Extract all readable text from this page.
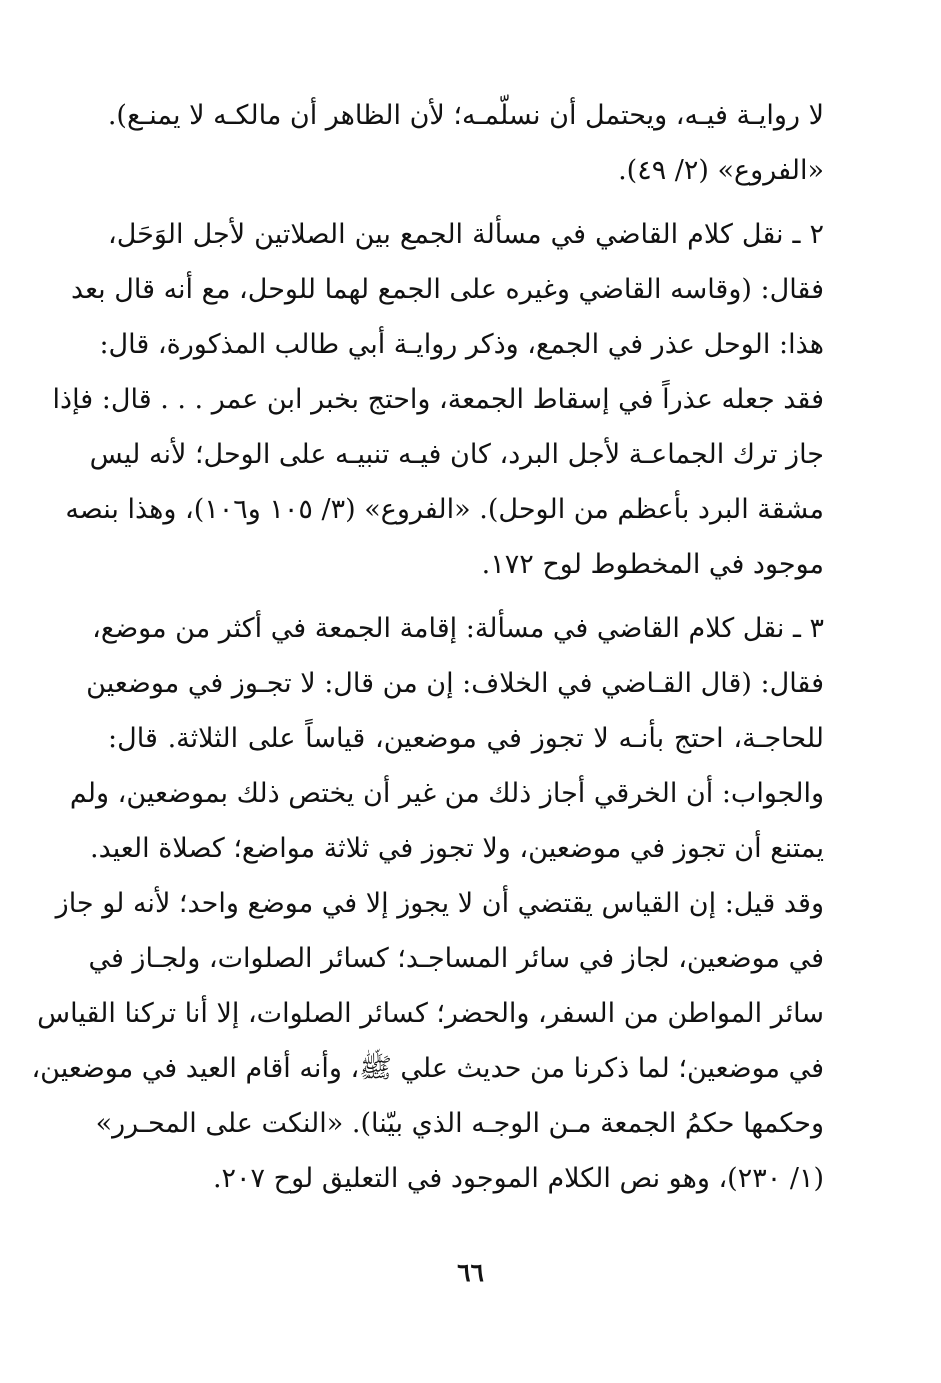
لا روايـة فيـه، ويحتمل أن نسلّمـه؛ لأن الظاهر أن مالكـه لا يمنـع).
«الفروع» (٢/ ٤٩).
٢ ـ نقل كلام القاضي في مسألة الجمع بين الصلاتين لأجل الوَحَل،
فقال: (وقاسه القاضي وغيره على الجمع لهما للوحل، مع أنه قال بعد
هذا: الوحل عذر في الجمع، وذكر روايـة أبي طالب المذكورة، قال:
فقد جعله عذراً في إسقاط الجمعة، واحتج بخبر ابن عمر . . . قال: فإذا
جاز ترك الجماعـة لأجل البرد، كان فيـه تنبيـه على الوحل؛ لأنه ليس
مشقة البرد بأعظم من الوحل). «الفروع» (٣/ ١٠٥ و١٠٦)، وهذا بنصه
موجود في المخطوط لوح ١٧٢.
٣ ـ نقل كلام القاضي في مسألة: إقامة الجمعة في أكثر من موضع،
فقال: (قال القـاضي في الخلاف: إن من قال: لا تجـوز في موضعين
للحاجـة، احتج بأنـه لا تجوز في موضعين، قياساً على الثلاثة. قال:
والجواب: أن الخرقي أجاز ذلك من غير أن يختص ذلك بموضعين، ولم
يمتنع أن تجوز في موضعين، ولا تجوز في ثلاثة مواضع؛ كصلاة العيد.
وقد قيل: إن القياس يقتضي أن لا يجوز إلا في موضع واحد؛ لأنه لو جاز
في موضعين، لجاز في سائر المساجـد؛ كسائر الصلوات، ولجـاز في
سائر المواطن من السفر، والحضر؛ كسائر الصلوات، إلا أنا تركنا القياس
في موضعين؛ لما ذكرنا من حديث علي ﷺ، وأنه أقام العيد في موضعين،
وحكمها حكمُ الجمعة مـن الوجـه الذي بيّنا). «النكت على المحـرر»
(١/ ٢٣٠)، وهو نص الكلام الموجود في التعليق لوح ٢٠٧.
٦٦
